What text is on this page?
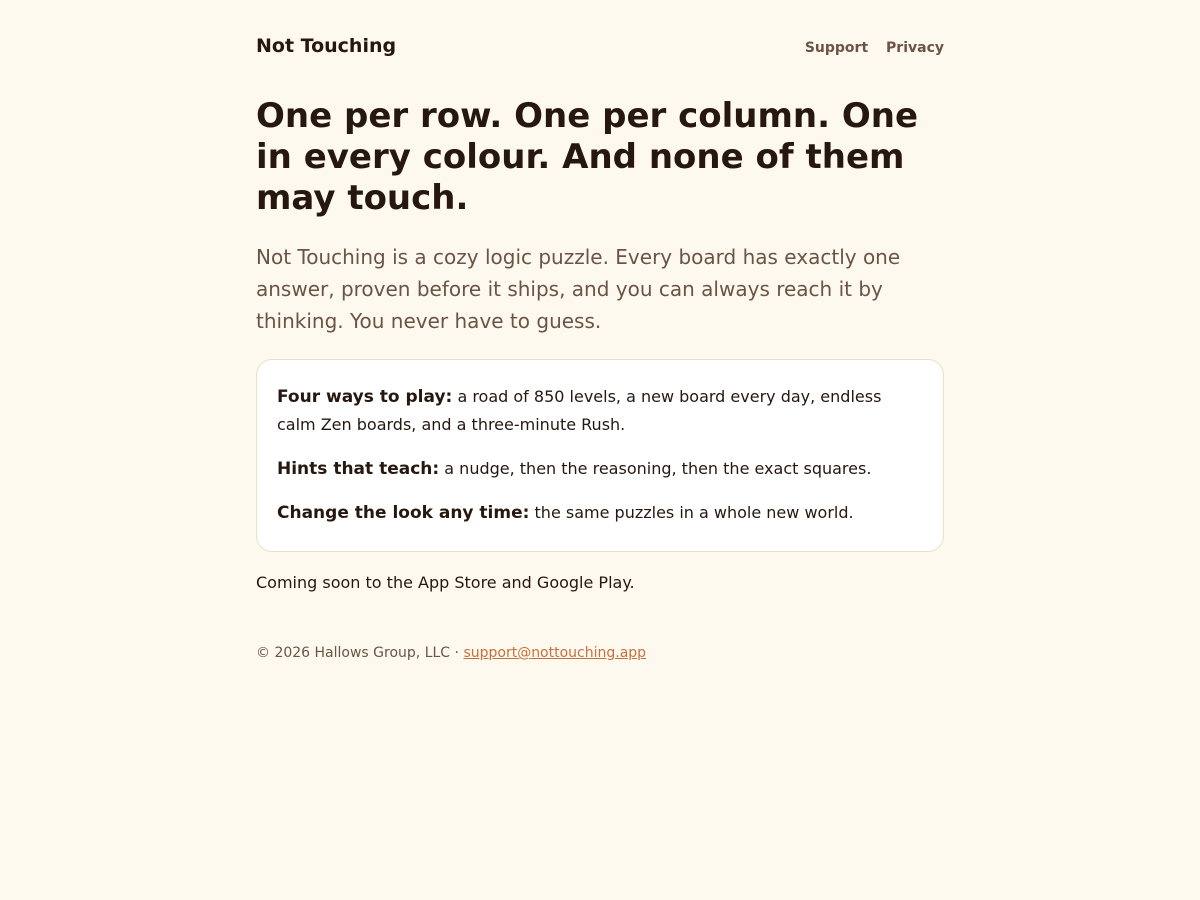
Not Touching	Support Privacy
One per row. One per column. One in every colour. And none of them may touch.

Not Touching is a cozy logic puzzle. Every board has exactly one answer, proven before it ships, and you can always reach it by thinking. You never have to guess.

Four ways to play: a road of 850 levels, a new board every day, endless calm Zen boards, and a three-minute Rush.

Hints that teach: a nudge, then the reasoning, then the exact squares.

Change the look any time: the same puzzles in a whole new world.

Coming soon to the App Store and Google Play.

© 2026 Hallows Group, LLC · support@nottouching.app
